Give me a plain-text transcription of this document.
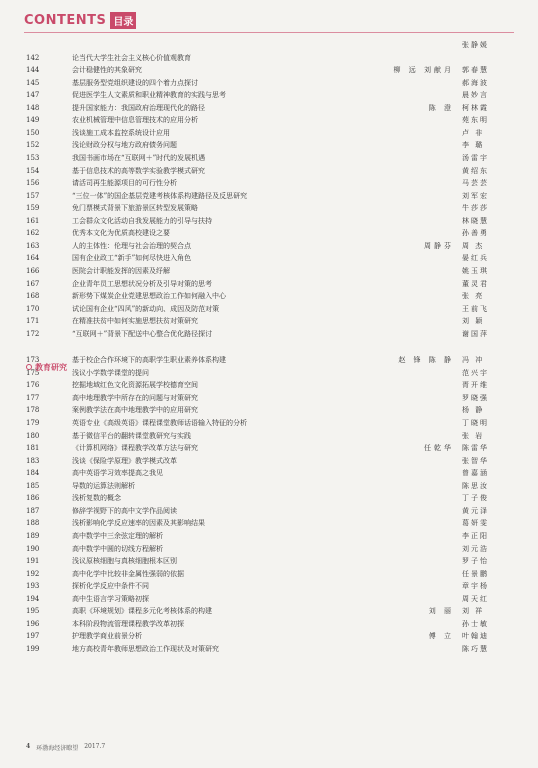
CONTENTS 目录
张静媛
142	论当代大学生社会主义核心价值观教育
144	会计稳健性的其象研究	柳 远 刘献月 郭春慧
145	基层服务型党组织建设的四个着力点探讨	郝海波
147	促进医学生人文素质和职业精神教育的实践与思考	晨妙言
148	提升国家能力：我国政府治理现代化的路径	陈 澄 柯林霞
149	农业机械管理中信息管理技术的应用分析	苑东明
150	浅谈施工成本监控系统设计应用	卢 非
152	浅论财政分权与地方政府债务问题	李 璐
153	我国书画市场在“互联网＋”时代的发展机遇	汤雷宇
154	基于信息技术的高等数学实验教学模式研究	黄绍东
156	请活司再生能源项目的可行性分析	马芸芸
157	“三位一体”的国企基层党建考核体系构建路径及反思研究	刘军宏
159	免门票模式背景下旅游景区转型发展策略	牛莎莎
161	工会群众文化活动自我发展能力的引导与扶持	林晓慧
162	优秀本文化为优质高校建设之要	孙善勇
163	人的主体性：伦理与社会治理的契合点	周静芬 周 杰
164	国有企业政工“新手”如何尽快进入角色	晏红兵
166	医院会计职能发挥的因素及纾解	姚玉琪
167	企业青年员工思想状况分析及引导对策的思考	董灵君
168	新形势下煤炭企业党建思想政治工作如何融入中心	张 亮
170	试论国有企业“四风”的新动向、成因及防范对策	王前飞
171	在精准扶贫中如何实施思想扶贫对策研究	刘 颖
172	“互联网＋”背景下配送中心整合优化路径探讨	谢国萍
173	基于校企合作环境下的高职学生职业素养体系构建	赵 锋 陈 静 冯 冲
175	浅议小学数学课堂的提问	范兴宇
176	挖掘地域红色文化资源拓展学校德育空间	胥开维
177	高中地理教学中所存在的问题与对策研究	罗晓强
178	案例教学法在高中地理教学中的应用研究	杨 静
179	英语专业《高级英语》课程课堂教师话语输入特征的分析	丁晓明
180	基于微信平台的翻转课堂教研究与实践	张 岩
181	《计算机网络》课程教学改革方法与研究	任乾华 陈雷华
183	浅谈《保险学原理》教学模式改革	张智华
184	高中英语学习效率提高之我见	曾嘉涵
185	导数的运算法则解析	陈思汝
186	浅析复数的概念	丁子俊
187	修辞学视野下的高中文学作品阅读	黄元泽
188	浅析影响化学反应速率的因素及其影响结果	葛妍雯
189	高中数学中三余弦定理的解析	李正阳
190	高中数学中圆的切线方程解析	刘元浩
191	浅议原核细胞与真核细胞根本区别	罗子怡
192	高中化学中比较非金属性强弱的依据	任景鹏
193	探析化学反应中条件不同	章宇杨
194	高中生语言学习策略初探	周天红
195	高职《环境规划》课程多元化考核体系的构建	刘 丽 刘 祥
196	本科阶段物流管理课程教学改革初探	孙士敏
197	护理教学商业前景分析	傅 立 叶翰迪
199	地方高校青年教师思想政治工作现状及对策研究	陈巧慧
教育研究
4 环渤海经济瞭望 2017.7
